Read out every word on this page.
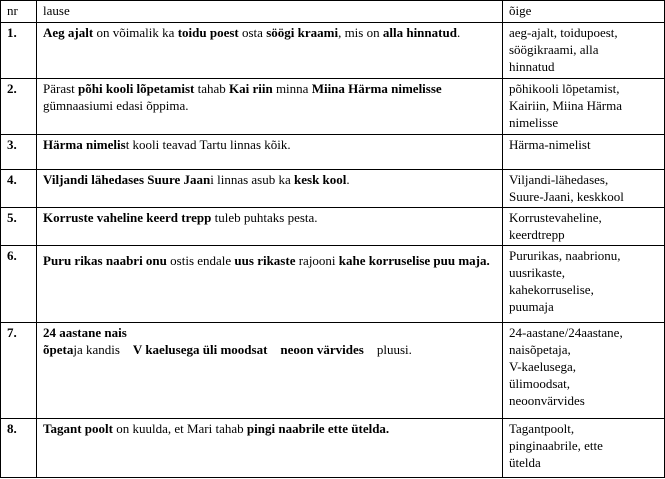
nr	lause	õige
1.	Aeg ajalt on võimalik ka toidu poest osta söögi kraami, mis on alla hinnatud.	aeg-ajalt, toidupoest,
söögikraami, alla
hinnatud

2.	Pärast põhi kooli lõpetamist tahab Kai riin minna Miina Härma nimelisse gümnaasiumi edasi õppima.	põhikooli lõpetamist,
Kairiin, Miina Härma
nimelisse

3.	Härma nimelist kooli teavad Tartu linnas kõik.	Härma-nimelist

4.	Viljandi lähedases Suure Jaani linnas asub ka kesk kool.	Viljandi-lähedases,
Suure-Jaani, keskkool

5.	Korruste vaheline keerd trepp tuleb puhtaks pesta.	Korrustevaheline,
keerdtrepp

6.	Puru rikas naabri onu ostis endale uus rikaste rajooni kahe korruselise puu maja.	Pururikas, naabrionu,
uusrikaste,
kahekorruselise,
puumaja

7.	24 aastane nais õpetaja kandis    V kaelusega üli moodsat    neoon värvides    pluusi.	24-aastane/24aastane,
naisõpetaja,
V-kaelusega,
ülimoodsat,
neoonvärvides

8.	Tagant poolt on kuulda, et Mari tahab pingi naabrile ette ütelda.	Tagantpoolt,
pinginaabrile, ette
ütelda
